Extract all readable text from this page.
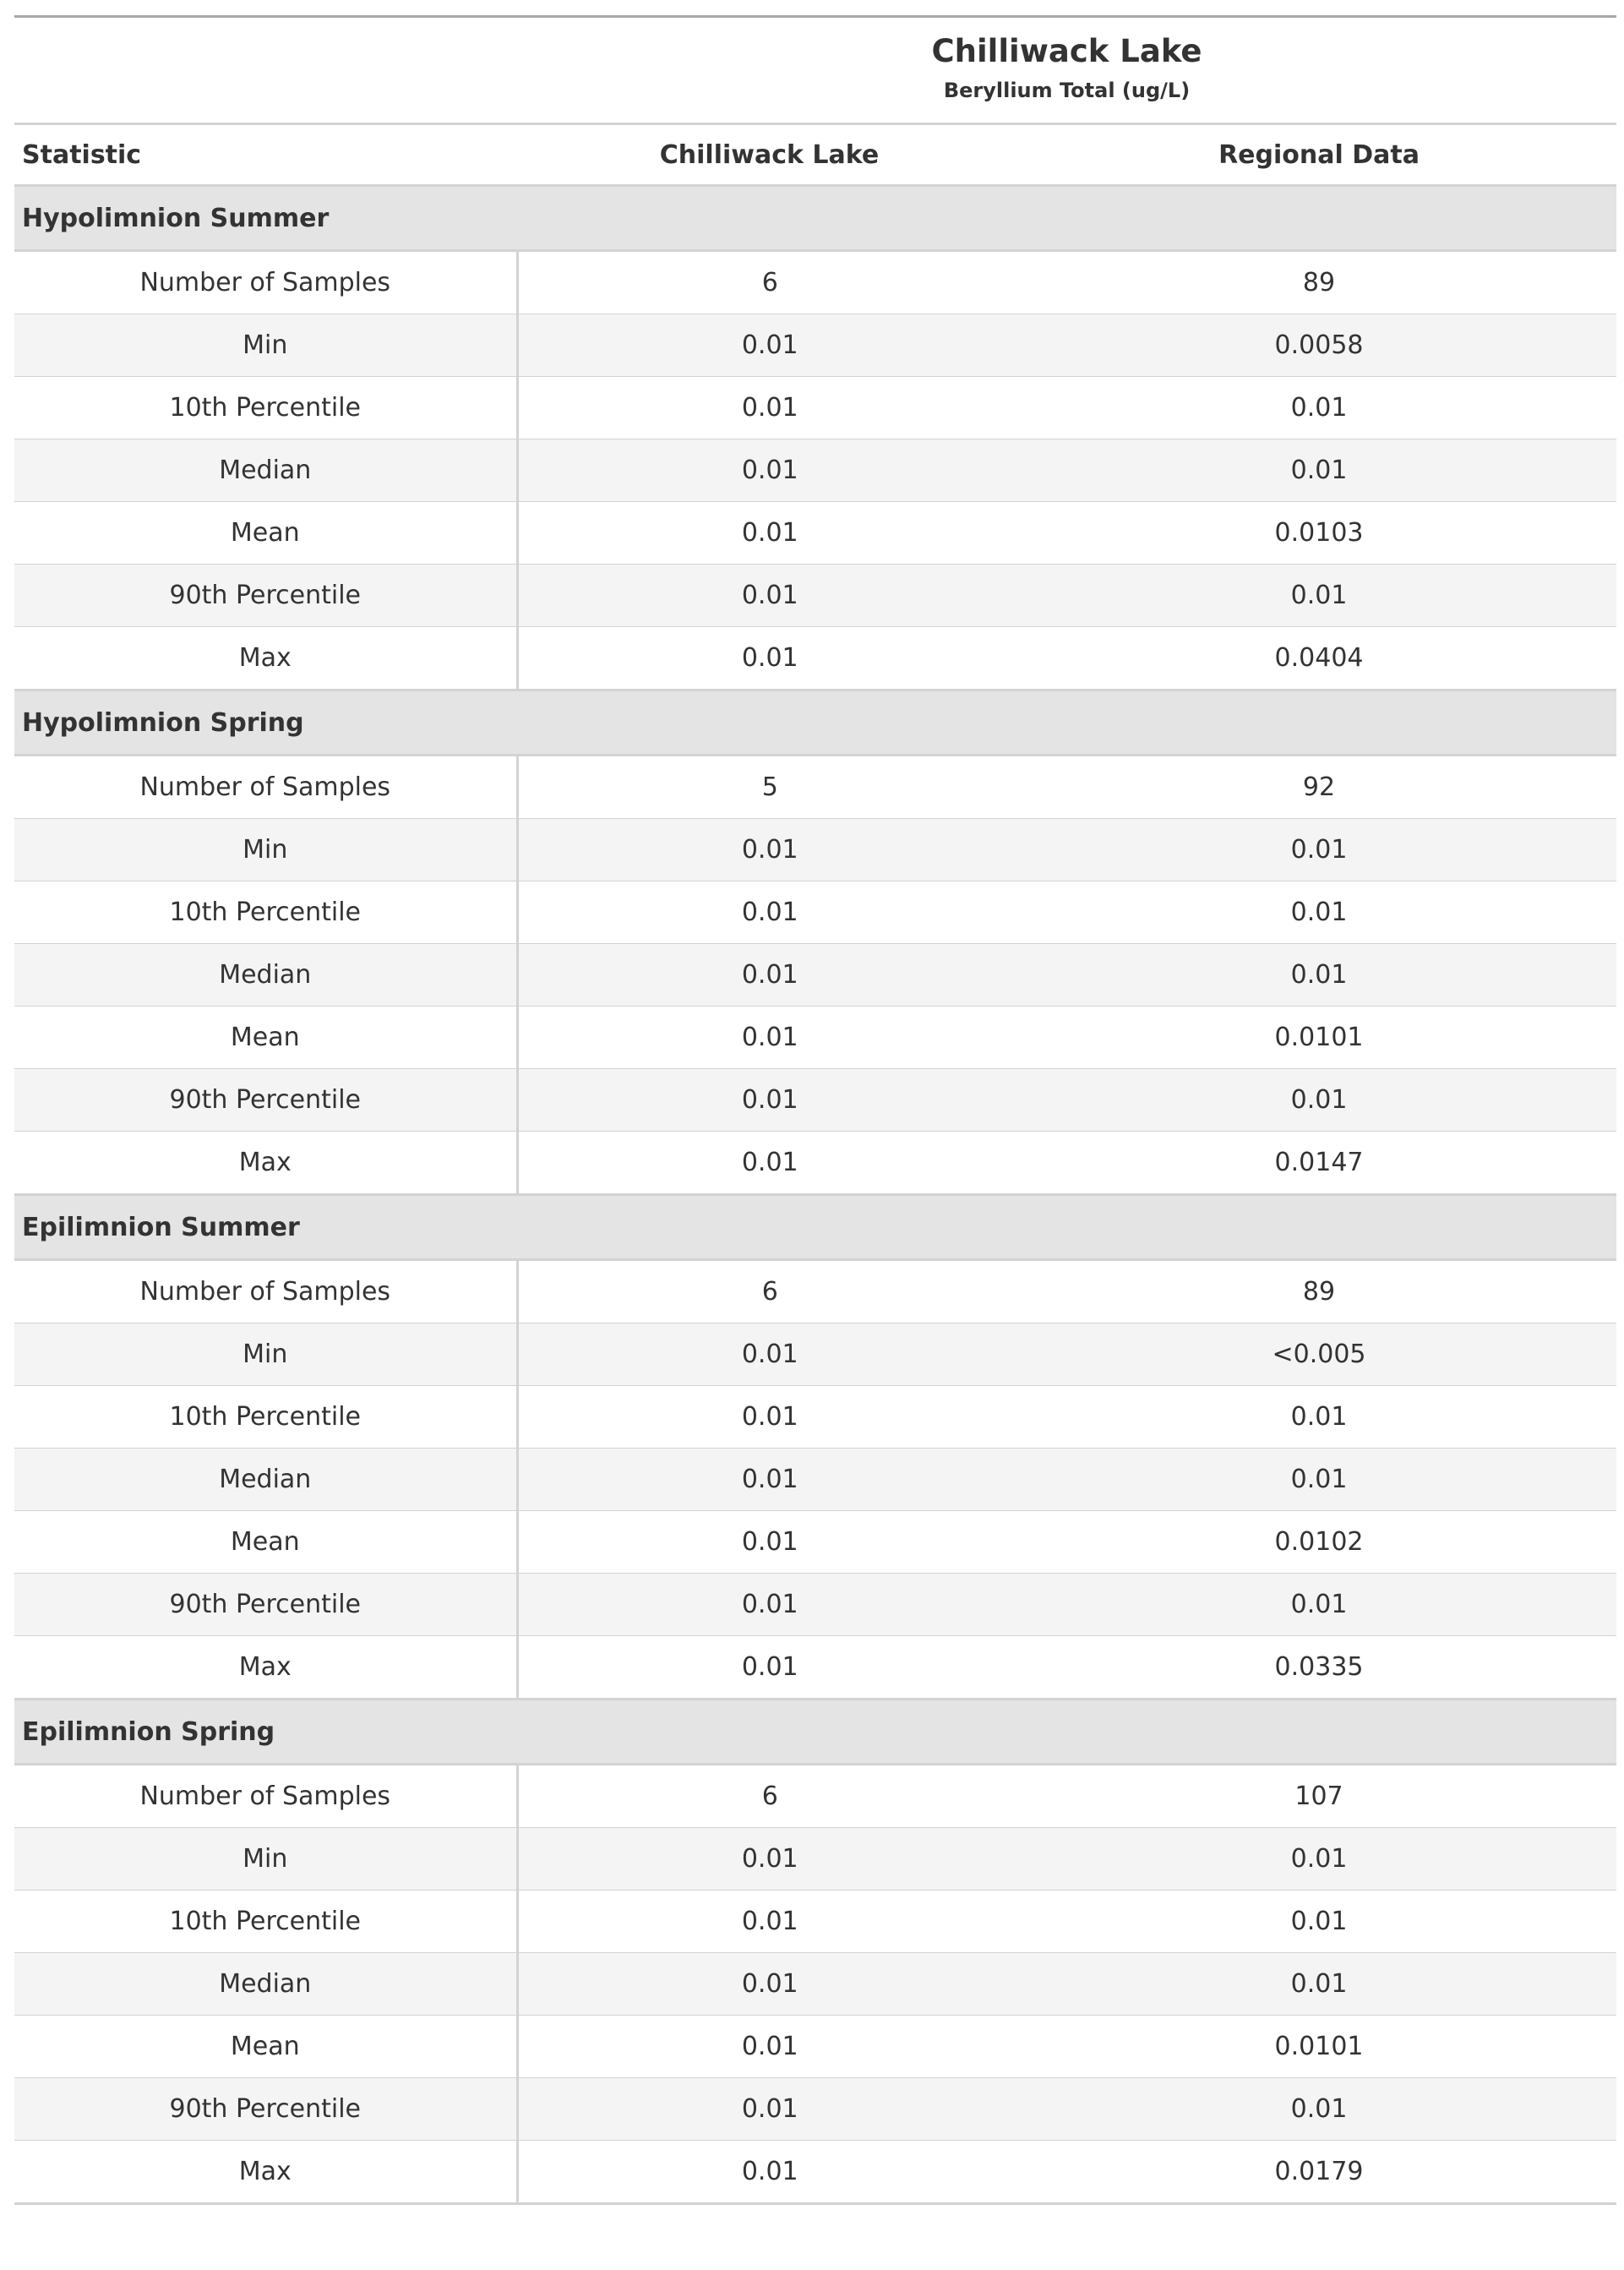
	Chilliwack Lake
Beryllium Total (ug/L)	

Statistic	Chilliwack Lake	Regional Data
Hypolimnion Summer		
Number of Samples	6	89
Min	0.01	0.0058
10th Percentile	0.01	0.01
Median	0.01	0.01
Mean	0.01	0.0103
90th Percentile	0.01	0.01
Max	0.01	0.0404
Hypolimnion Spring		
Number of Samples	5	92
Min	0.01	0.01
10th Percentile	0.01	0.01
Median	0.01	0.01
Mean	0.01	0.0101
90th Percentile	0.01	0.01
Max	0.01	0.0147
Epilimnion Summer		
Number of Samples	6	89
Min	0.01	<0.005
10th Percentile	0.01	0.01
Median	0.01	0.01
Mean	0.01	0.0102
90th Percentile	0.01	0.01
Max	0.01	0.0335
Epilimnion Spring		
Number of Samples	6	107
Min	0.01	0.01
10th Percentile	0.01	0.01
Median	0.01	0.01
Mean	0.01	0.0101
90th Percentile	0.01	0.01
Max	0.01	0.0179
